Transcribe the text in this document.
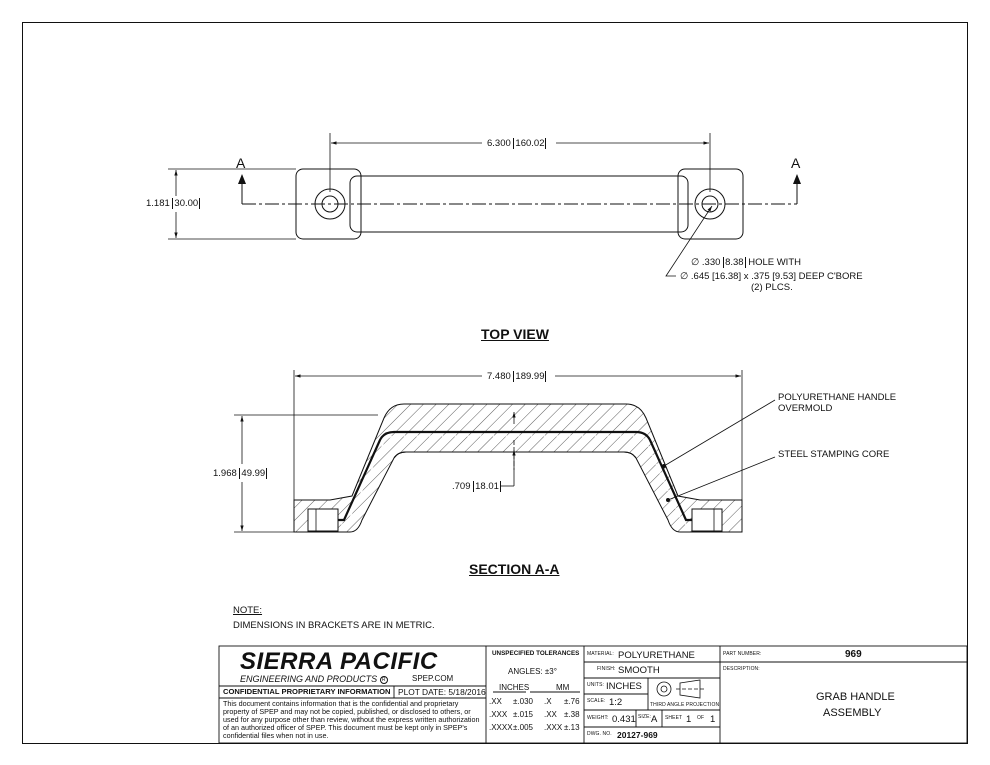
6.300 160.02
1.181 30.00
A	A
∅ .330 8.38 HOLE WITH
∅ .645 [16.38] x .375 [9.53] DEEP C'BORE
(2) PLCS.
TOP VIEW
7.480 189.99
1.968 49.99
.709 18.01
POLYURETHANE HANDLE
OVERMOLD
STEEL STAMPING CORE
SECTION A-A
NOTE:
DIMENSIONS IN BRACKETS ARE IN METRIC.
SIERRA PACIFIC
ENGINEERING AND PRODUCTS R	SPEP.COM
CONFIDENTIAL PROPRIETARY INFORMATION PLOT DATE: 5/18/2016
This document contains information that is the confidential and proprietary property of SPEP and may not be copied, published, or disclosed to others, or used for any purpose other than review, without the express written authorization of an authorized officer of SPEP. This document must be kept only in SPEP's confidential files when not in use.
UNSPECIFIED TOLERANCES
ANGLES: ±3°
INCHES	MM
.XX ±.030 .X ±.76
.XXX ±.015 .XX ±.38
.XXXX±.005 .XXX ±.13
MATERIAL: POLYURETHANE
FINISH: SMOOTH
UNITS: INCHES
THIRD ANGLE PROJECTION
SCALE: 1:2
WEIGHT: 0.431 SIZE: A SHEET 1 OF 1
DWG. NO. 20127-969
PART NUMBER:	969
DESCRIPTION:
GRAB HANDLE
ASSEMBLY
